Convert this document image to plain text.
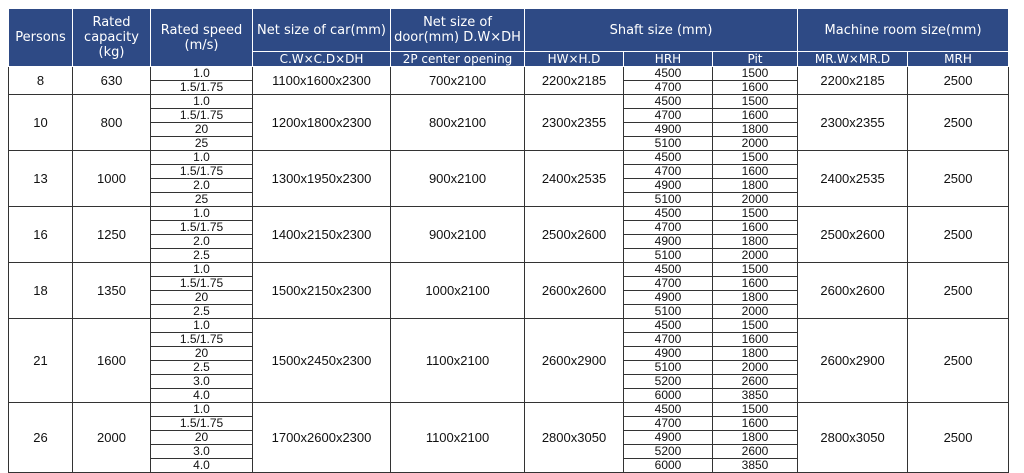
Persons	Rated capacity (kg)	Rated speed (m/s)	Net size of car(mm)	Net size of door(mm) D.W×DH	Shaft size (mm)			Machine room size(mm)	
			C.W×C.D×DH	2P center opening	HW×H.D	HRH	Pit	MR.W×MR.D	MRH
8	630	1.0	1100x1600x2300	700x2100	2200x2185	4500	1500	2200x2185	2500
		1.5/1.75				4700	1600		
10	800	1.0	1200x1800x2300	800x2100	2300x2355	4500	1500	2300x2355	2500
		1.5/1.75				4700	1600		
		20				4900	1800		
		25				5100	2000		
13	1000	1.0	1300x1950x2300	900x2100	2400x2535	4500	1500	2400x2535	2500
		1.5/1.75				4700	1600		
		2.0				4900	1800		
		25				5100	2000		
16	1250	1.0	1400x2150x2300	900x2100	2500x2600	4500	1500	2500x2600	2500
		1.5/1.75				4700	1600		
		2.0				4900	1800		
		2.5				5100	2000		
18	1350	1.0	1500x2150x2300	1000x2100	2600x2600	4500	1500	2600x2600	2500
		1.5/1.75				4700	1600		
		20				4900	1800		
		2.5				5100	2000		
21	1600	1.0	1500x2450x2300	1100x2100	2600x2900	4500	1500	2600x2900	2500
		1.5/1.75				4700	1600		
		20				4900	1800		
		2.5				5100	2000		
		3.0				5200	2600		
		4.0				6000	3850		
26	2000	1.0	1700x2600x2300	1100x2100	2800x3050	4500	1500	2800x3050	2500
		1.5/1.75				4700	1600		
		20				4900	1800		
		3.0				5200	2600		
		4.0				6000	3850		
